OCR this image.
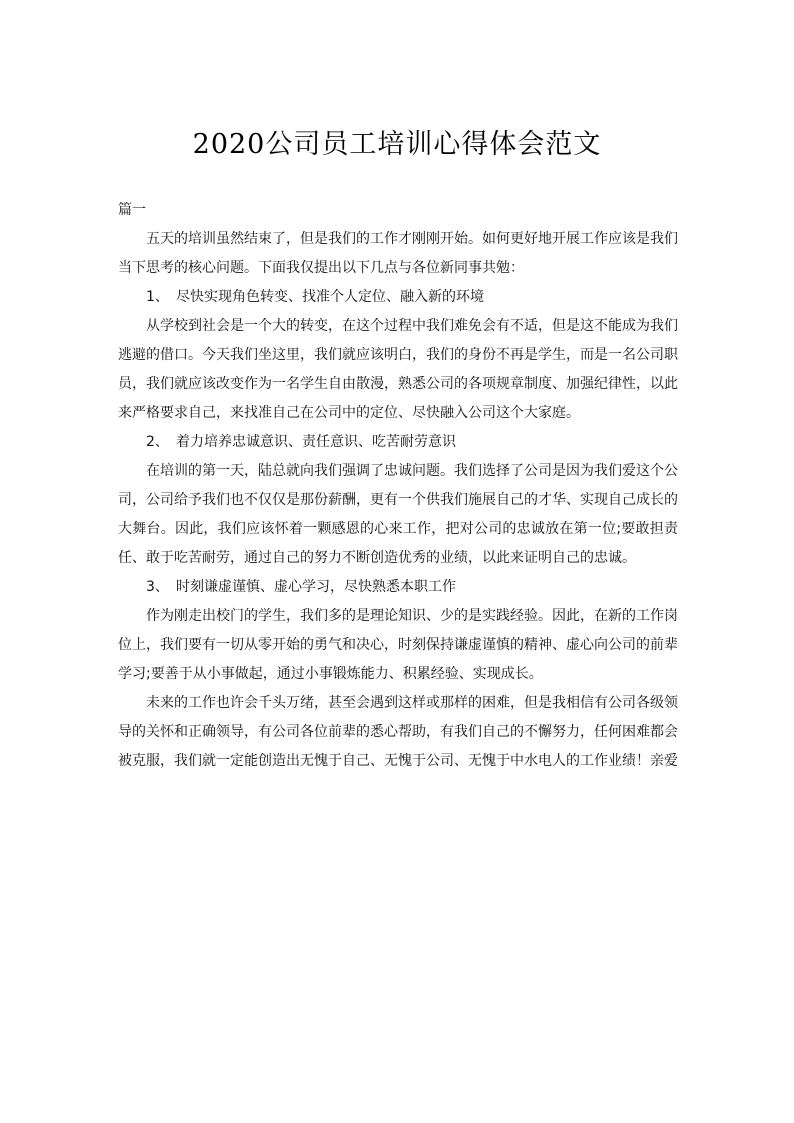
2020公司员工培训心得体会范文

篇一

五天的培训虽然结束了，但是我们的工作才刚刚开始。如何更好地开展工作应该是我们当下思考的核心问题。下面我仅提出以下几点与各位新同事共勉：

1、 尽快实现角色转变、找准个人定位、融入新的环境

从学校到社会是一个大的转变，在这个过程中我们难免会有不适，但是这不能成为我们逃避的借口。今天我们坐这里，我们就应该明白，我们的身份不再是学生，而是一名公司职员，我们就应该改变作为一名学生自由散漫，熟悉公司的各项规章制度、加强纪律性，以此来严格要求自己，来找准自己在公司中的定位、尽快融入公司这个大家庭。

2、 着力培养忠诚意识、责任意识、吃苦耐劳意识

在培训的第一天，陆总就向我们强调了忠诚问题。我们选择了公司是因为我们爱这个公司，公司给予我们也不仅仅是那份薪酬，更有一个供我们施展自己的才华、实现自己成长的大舞台。因此，我们应该怀着一颗感恩的心来工作，把对公司的忠诚放在第一位;要敢担责任、敢于吃苦耐劳，通过自己的努力不断创造优秀的业绩，以此来证明自己的忠诚。

3、 时刻谦虚谨慎、虚心学习，尽快熟悉本职工作

作为刚走出校门的学生，我们多的是理论知识、少的是实践经验。因此，在新的工作岗位上，我们要有一切从零开始的勇气和决心，时刻保持谦虚谨慎的精神、虚心向公司的前辈学习;要善于从小事做起，通过小事锻炼能力、积累经验、实现成长。

未来的工作也许会千头万绪，甚至会遇到这样或那样的困难，但是我相信有公司各级领导的关怀和正确领导，有公司各位前辈的悉心帮助，有我们自己的不懈努力，任何困难都会被克服，我们就一定能创造出无愧于自己、无愧于公司、无愧于中水电人的工作业绩！亲爱
